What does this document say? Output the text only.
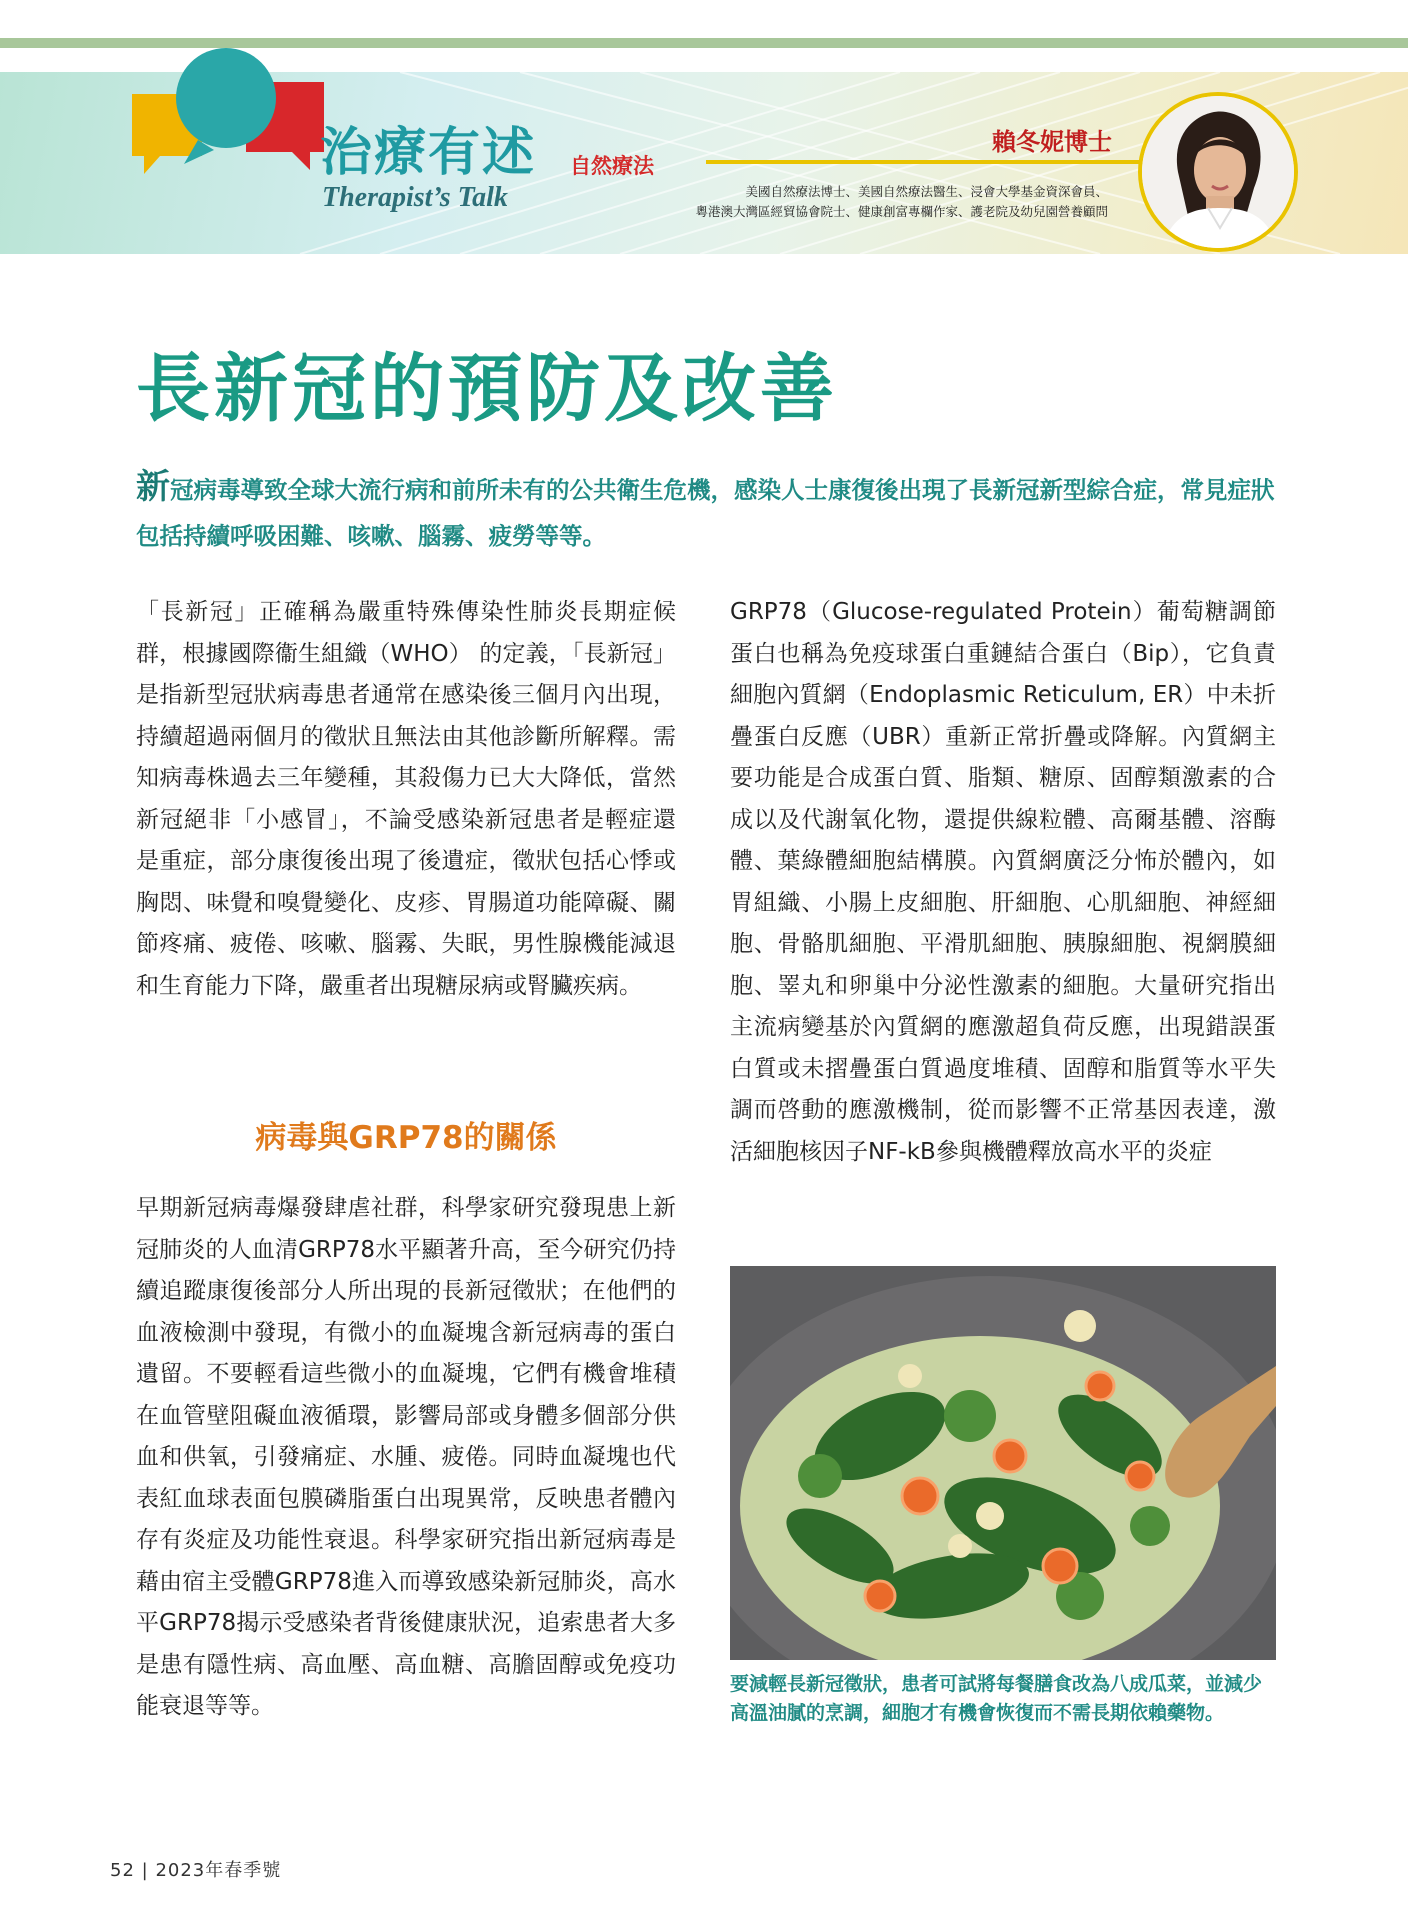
治療有述
Therapist’s Talk
自然療法
賴冬妮博士
美國自然療法博士、美國自然療法醫生、浸會大學基金資深會員、
粵港澳大灣區經貿協會院士、健康創富專欄作家、護老院及幼兒園營養顧問
長新冠的預防及改善
新冠病毒導致全球大流行病和前所未有的公共衛生危機，感染人士康復後出現了長新冠新型綜合症，常見症狀包括持續呼吸困難、咳嗽、腦霧、疲勞等等。

「長新冠」正確稱為嚴重特殊傳染性肺炎長期症候群，根據國際衞生組織（WHO） 的定義，「長新冠」是指新型冠狀病毒患者通常在感染後三個月內出現，持續超過兩個月的徵狀且無法由其他診斷所解釋。需知病毒株過去三年變種，其殺傷力已大大降低，當然新冠絕非「小感冒」，不論受感染新冠患者是輕症還是重症，部分康復後出現了後遺症，徵狀包括心悸或胸悶、味覺和嗅覺變化、皮疹、胃腸道功能障礙、關節疼痛、疲倦、咳嗽、腦霧、失眠，男性腺機能減退和生育能力下降，嚴重者出現糖尿病或腎臟疾病。

病毒與GRP78的關係

早期新冠病毒爆發肆虐社群，科學家研究發現患上新冠肺炎的人血清GRP78水平顯著升高，至今研究仍持續追蹤康復後部分人所出現的長新冠徵狀；在他們的血液檢測中發現，有微小的血凝塊含新冠病毒的蛋白遺留。不要輕看這些微小的血凝塊，它們有機會堆積在血管壁阻礙血液循環，影響局部或身體多個部分供血和供氧，引發痛症、水腫、疲倦。同時血凝塊也代表紅血球表面包膜磷脂蛋白出現異常，反映患者體內存有炎症及功能性衰退。科學家研究指出新冠病毒是藉由宿主受體GRP78進入而導致感染新冠肺炎，高水平GRP78揭示受感染者背後健康狀況，追索患者大多是患有隱性病、高血壓、高血糖、高膽固醇或免疫功能衰退等等。

GRP78（Glucose-regulated Protein）葡萄糖調節蛋白也稱為免疫球蛋白重鏈結合蛋白（Bip），它負責細胞內質網（Endoplasmic Reticulum, ER）中未折疊蛋白反應（UBR）重新正常折疊或降解。內質網主要功能是合成蛋白質、脂類、糖原、固醇類激素的合成以及代謝氧化物，還提供線粒體、高爾基體、溶酶體、葉綠體細胞結構膜。內質網廣泛分怖於體內，如胃組織、小腸上皮細胞、肝細胞、心肌細胞、神經細胞、骨骼肌細胞、平滑肌細胞、胰腺細胞、視網膜細胞、睪丸和卵巢中分泌性激素的細胞。大量研究指出主流病變基於內質網的應激超負荷反應，出現錯誤蛋白質或未摺疊蛋白質過度堆積、固醇和脂質等水平失調而啓動的應激機制，從而影響不正常基因表達，激活細胞核因子NF-kB參與機體釋放高水平的炎症

要減輕長新冠徵狀，患者可試將每餐膳食改為八成瓜菜，並減少高溫油膩的烹調，細胞才有機會恢復而不需長期依賴藥物。
52 | 2023年春季號
